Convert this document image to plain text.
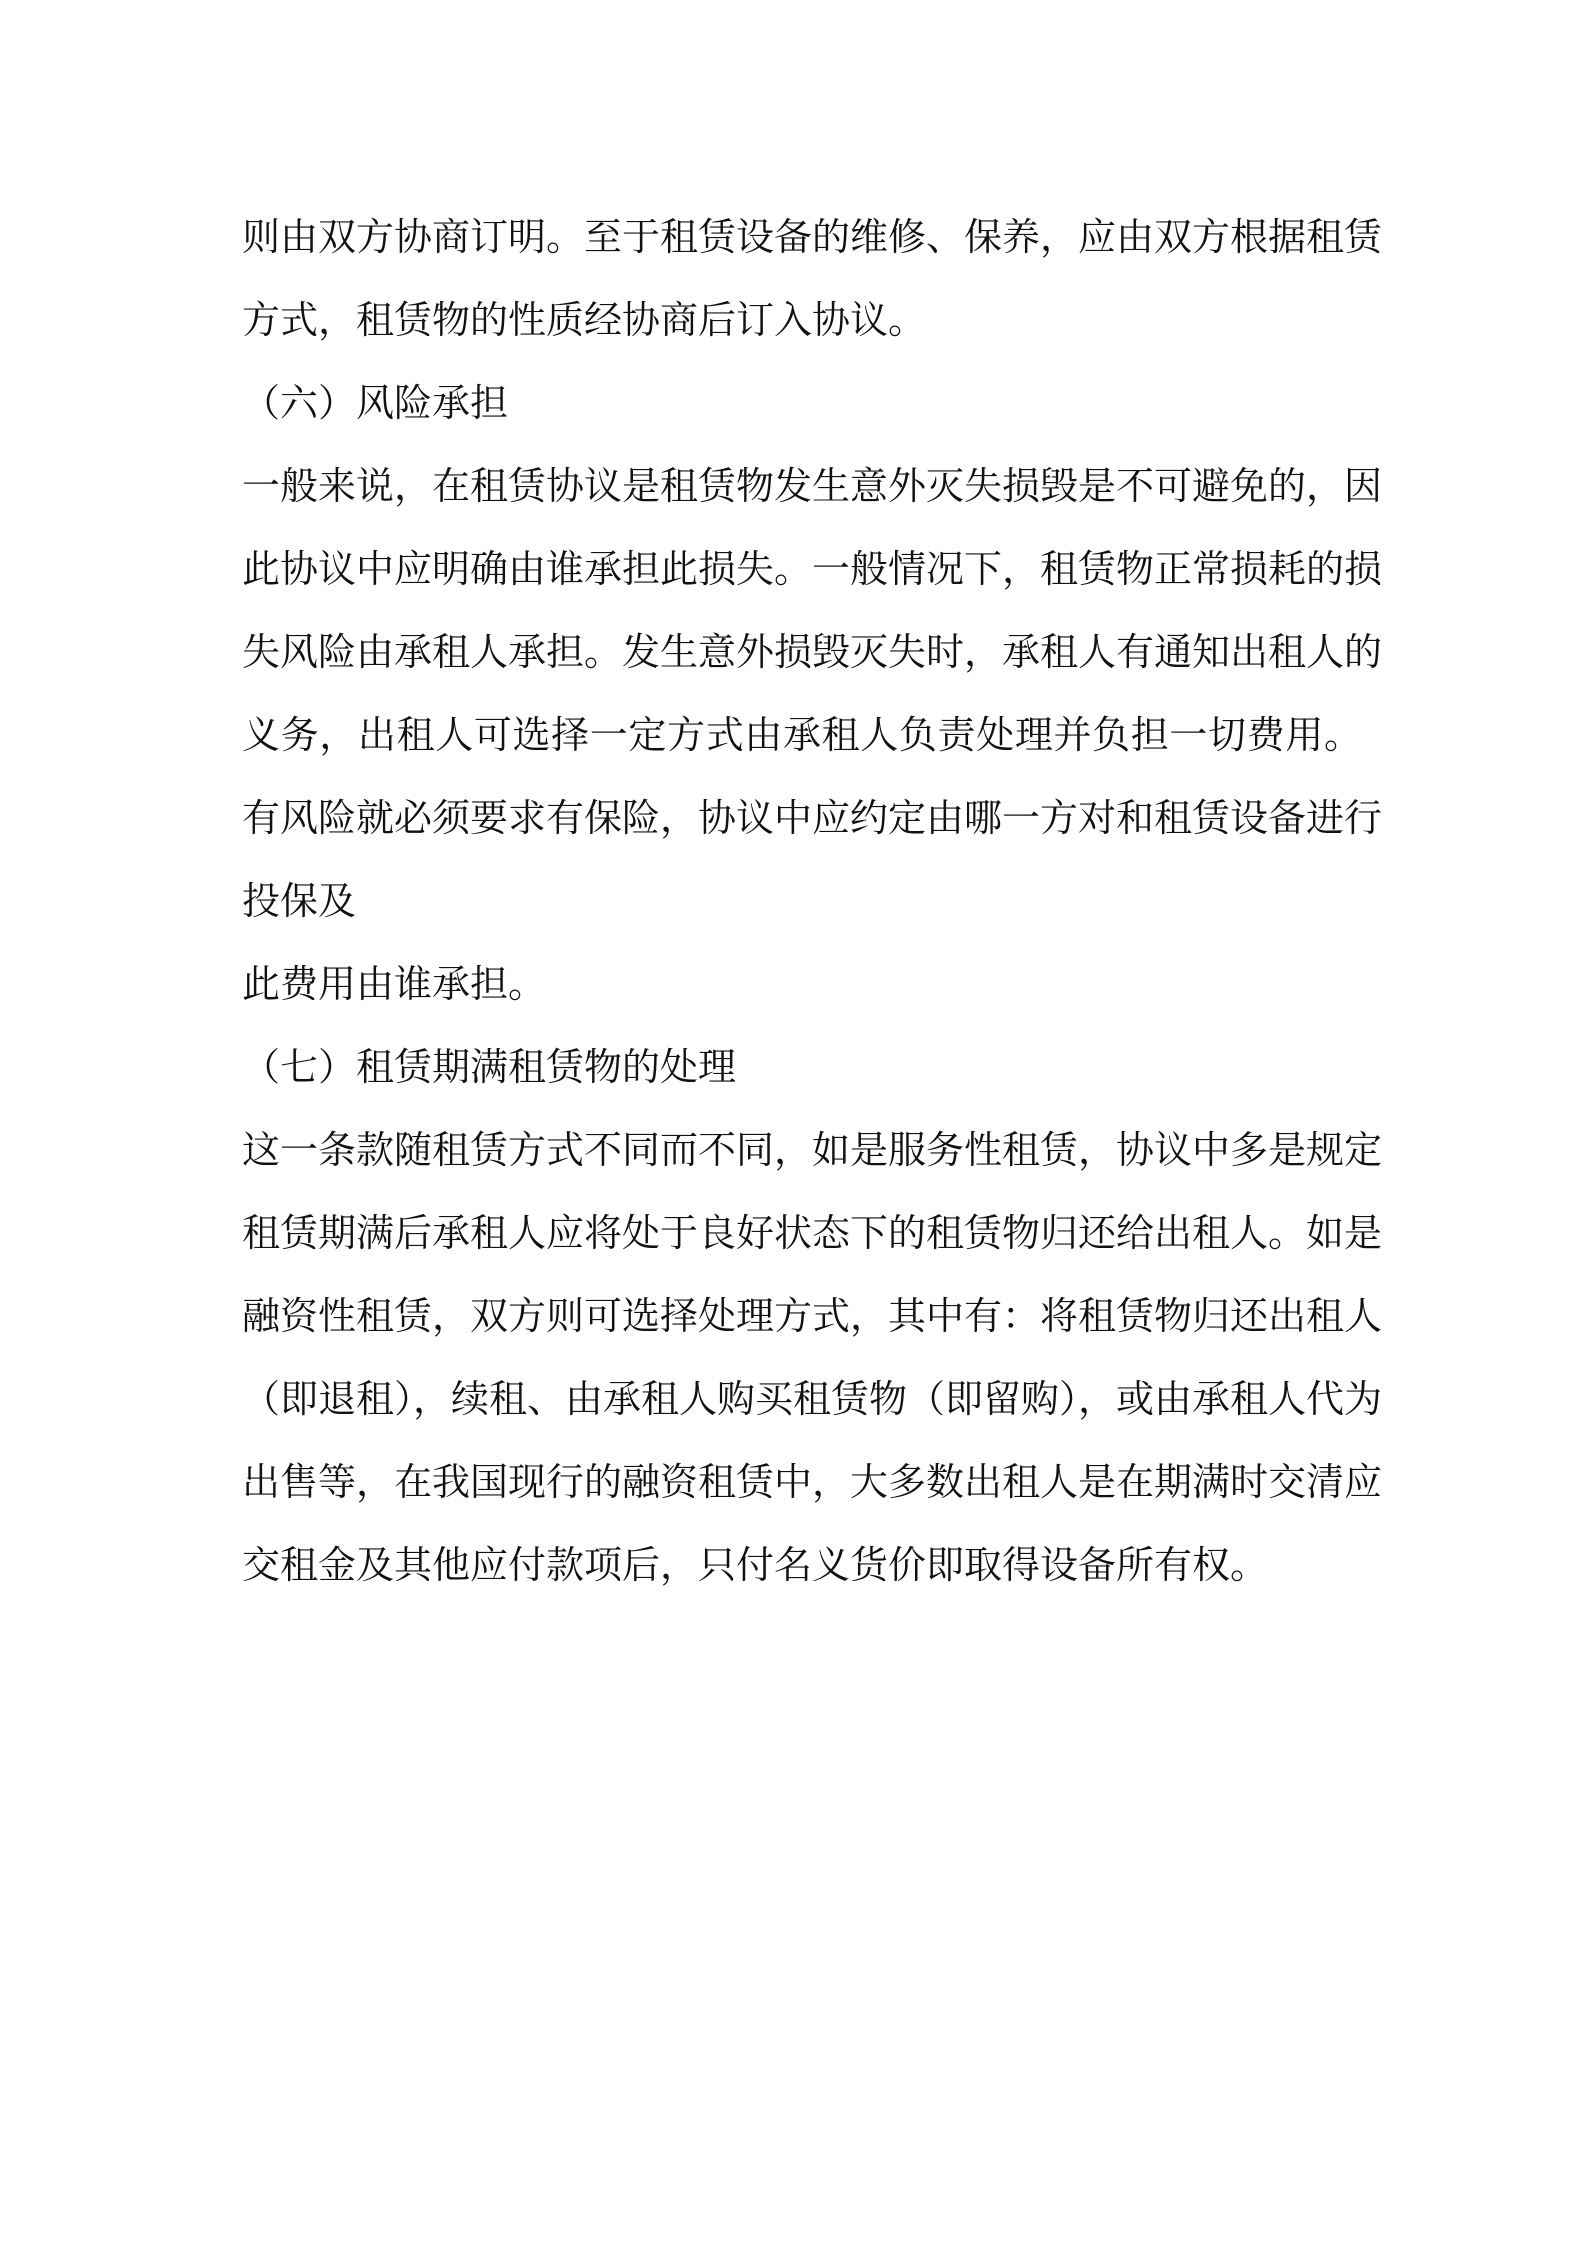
则由双方协商订明。至于租赁设备的维修、保养，应由双方根据租赁
方式，租赁物的性质经协商后订入协议。
（六）风险承担
一般来说，在租赁协议是租赁物发生意外灭失损毁是不可避免的，因
此协议中应明确由谁承担此损失。一般情况下，租赁物正常损耗的损
失风险由承租人承担。发生意外损毁灭失时，承租人有通知出租人的
义务，出租人可选择一定方式由承租人负责处理并负担一切费用。
有风险就必须要求有保险，协议中应约定由哪一方对和租赁设备进行
投保及
此费用由谁承担。
（七）租赁期满租赁物的处理
这一条款随租赁方式不同而不同，如是服务性租赁，协议中多是规定
租赁期满后承租人应将处于良好状态下的租赁物归还给出租人。如是
融资性租赁，双方则可选择处理方式，其中有：将租赁物归还出租人
（即退租），续租、由承租人购买租赁物（即留购），或由承租人代为
出售等，在我国现行的融资租赁中，大多数出租人是在期满时交清应
交租金及其他应付款项后，只付名义货价即取得设备所有权。
